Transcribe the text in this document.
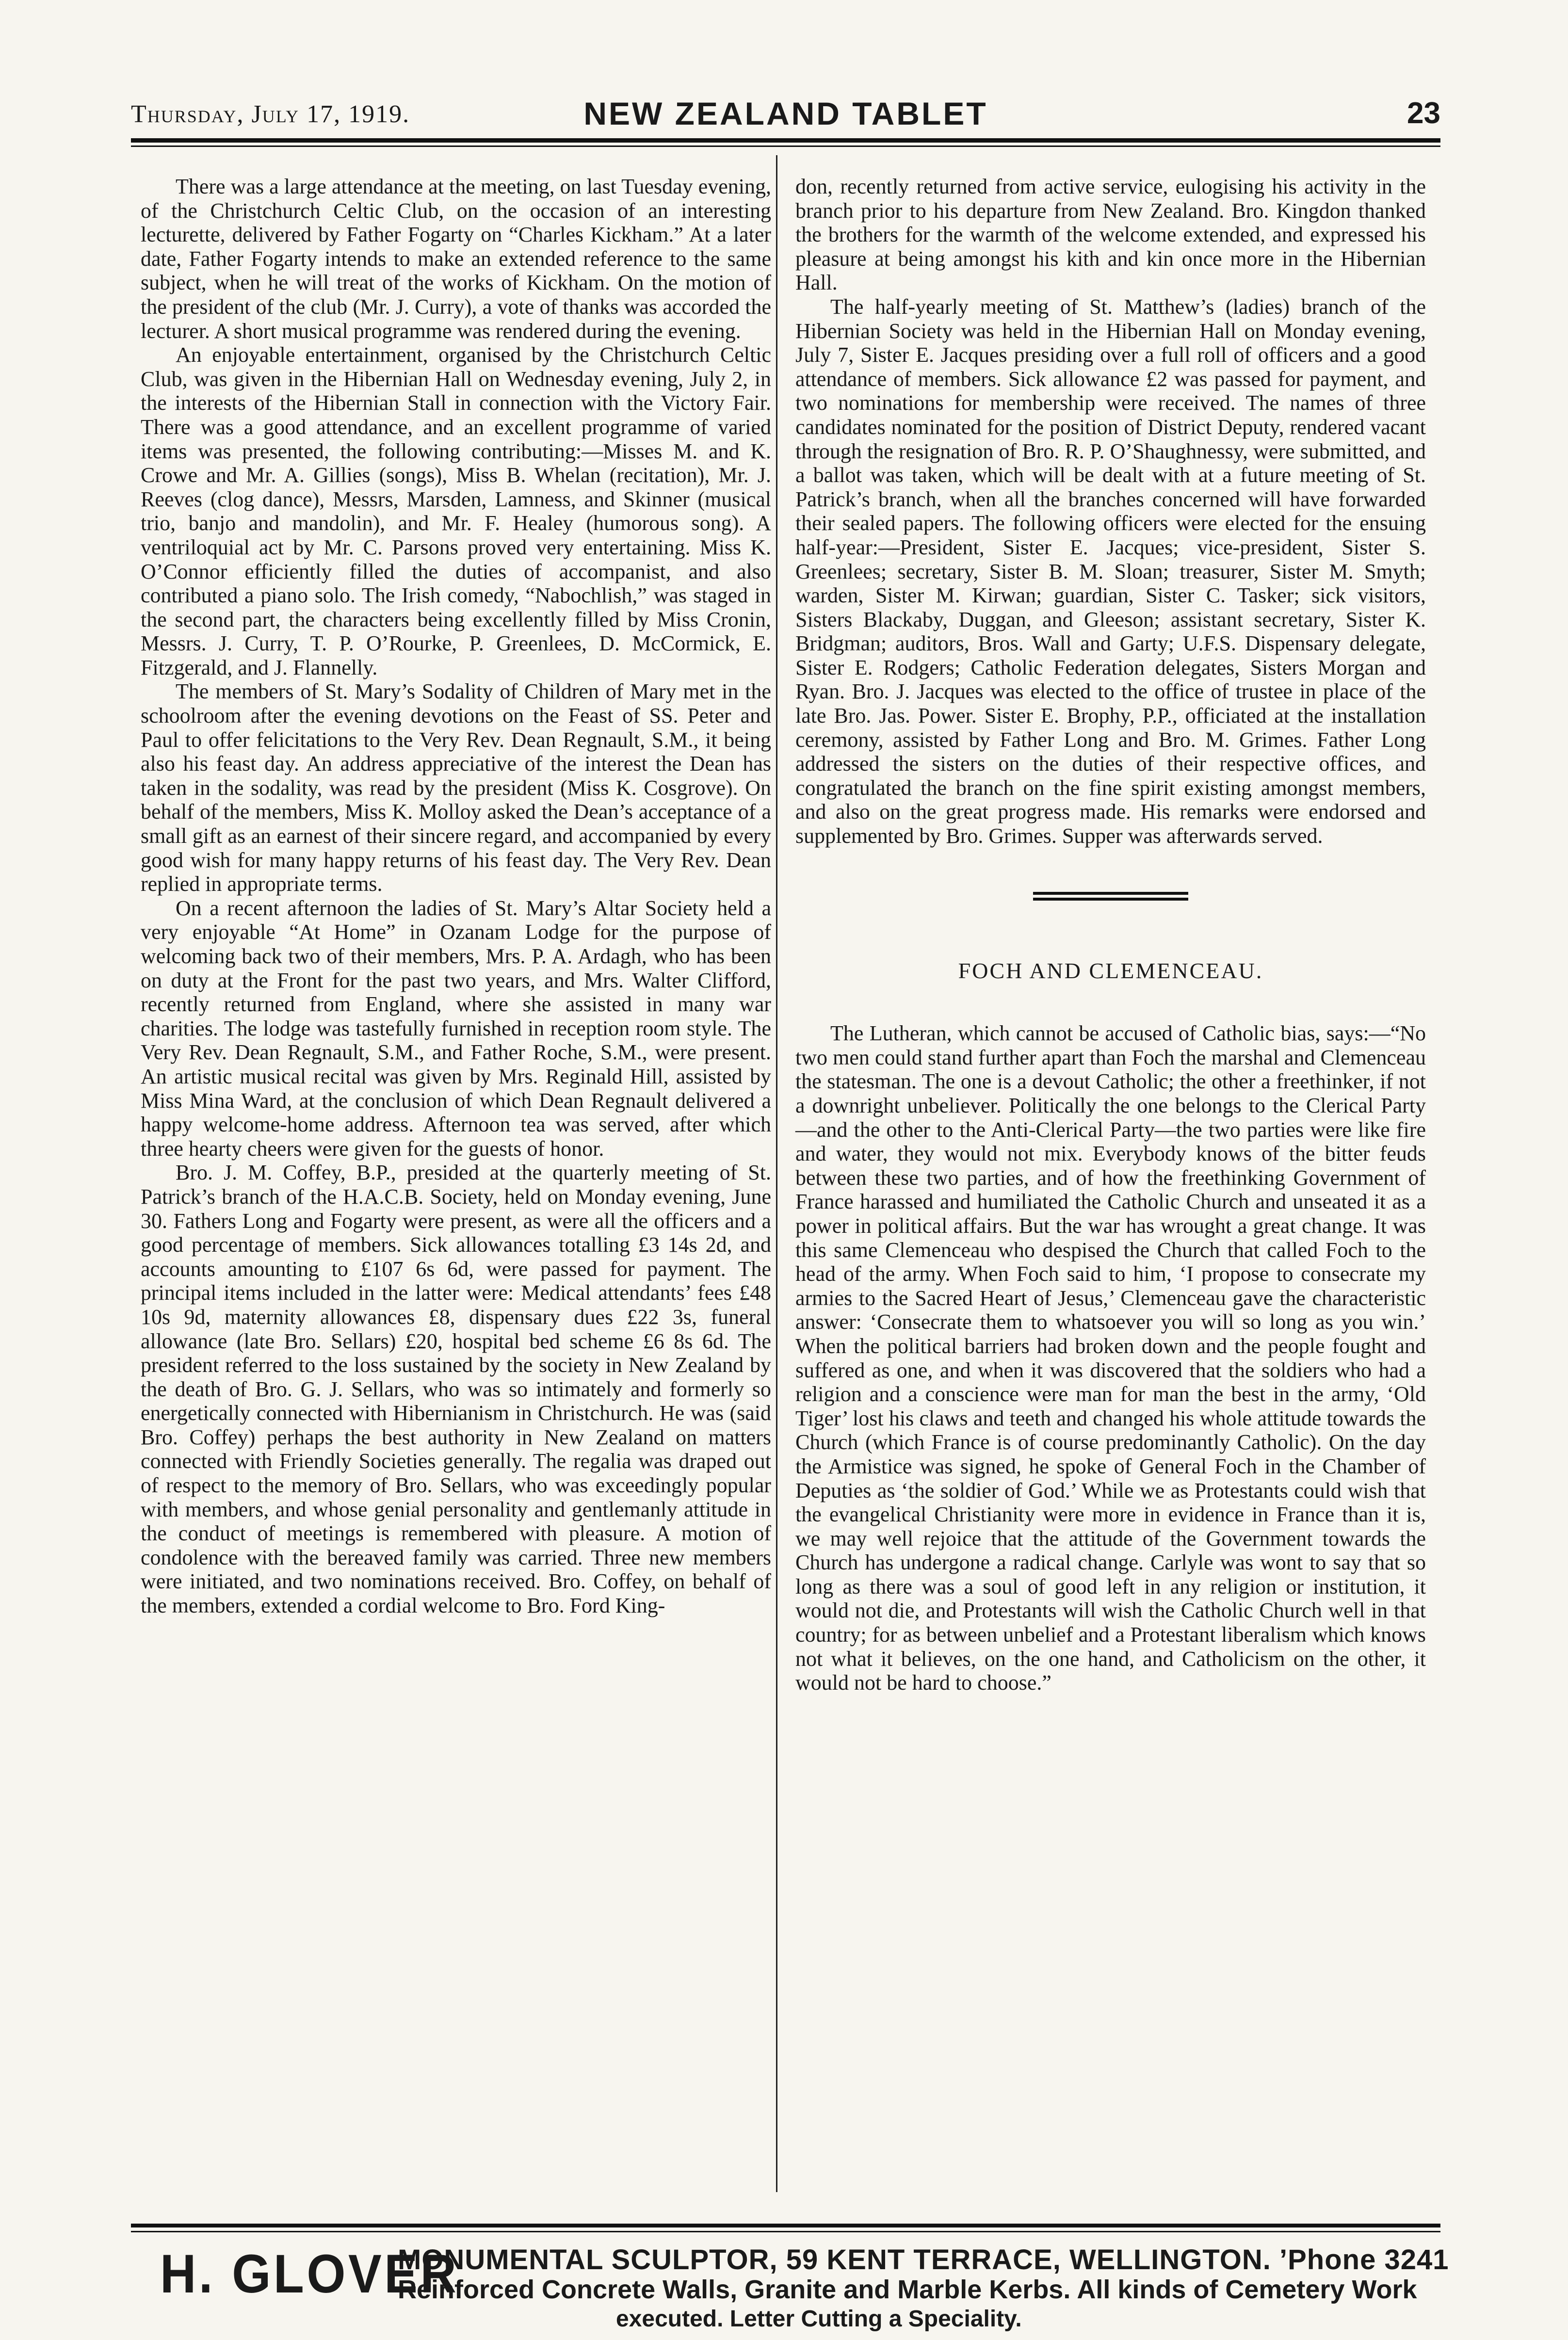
Thursday, July 17, 1919.	NEW ZEALAND TABLET	23

There was a large attendance at the meeting, on last Tuesday evening, of the Christchurch Celtic Club, on the occasion of an interesting lecturette, delivered by Father Fogarty on “Charles Kickham.” At a later date, Father Fogarty intends to make an extended reference to the same subject, when he will treat of the works of Kickham. On the motion of the president of the club (Mr. J. Curry), a vote of thanks was accorded the lecturer. A short musical programme was rendered during the evening.

An enjoyable entertainment, organised by the Christchurch Celtic Club, was given in the Hibernian Hall on Wednesday evening, July 2, in the interests of the Hibernian Stall in connection with the Victory Fair. There was a good attendance, and an excellent programme of varied items was presented, the following contributing:—Misses M. and K. Crowe and Mr. A. Gillies (songs), Miss B. Whelan (recitation), Mr. J. Reeves (clog dance), Messrs, Marsden, Lamness, and Skinner (musical trio, banjo and mandolin), and Mr. F. Healey (humorous song). A ventriloquial act by Mr. C. Parsons proved very entertaining. Miss K. O’Connor efficiently filled the duties of accompanist, and also contributed a piano solo. The Irish comedy, “Nabochlish,” was staged in the second part, the characters being excellently filled by Miss Cronin, Messrs. J. Curry, T. P. O’Rourke, P. Greenlees, D. McCormick, E. Fitzgerald, and J. Flannelly.

The members of St. Mary’s Sodality of Children of Mary met in the schoolroom after the evening devotions on the Feast of SS. Peter and Paul to offer felicitations to the Very Rev. Dean Regnault, S.M., it being also his feast day. An address appreciative of the interest the Dean has taken in the sodality, was read by the president (Miss K. Cosgrove). On behalf of the members, Miss K. Molloy asked the Dean’s acceptance of a small gift as an earnest of their sincere regard, and accompanied by every good wish for many happy returns of his feast day. The Very Rev. Dean replied in appropriate terms.

On a recent afternoon the ladies of St. Mary’s Altar Society held a very enjoyable “At Home” in Ozanam Lodge for the purpose of welcoming back two of their members, Mrs. P. A. Ardagh, who has been on duty at the Front for the past two years, and Mrs. Walter Clifford, recently returned from England, where she assisted in many war charities. The lodge was tastefully furnished in reception room style. The Very Rev. Dean Regnault, S.M., and Father Roche, S.M., were present. An artistic musical recital was given by Mrs. Reginald Hill, assisted by Miss Mina Ward, at the conclusion of which Dean Regnault delivered a happy welcome-home address. Afternoon tea was served, after which three hearty cheers were given for the guests of honor.

Bro. J. M. Coffey, B.P., presided at the quarterly meeting of St. Patrick’s branch of the H.A.C.B. Society, held on Monday evening, June 30. Fathers Long and Fogarty were present, as were all the officers and a good percentage of members. Sick allowances totalling £3 14s 2d, and accounts amounting to £107 6s 6d, were passed for payment. The principal items included in the latter were: Medical attendants’ fees £48 10s 9d, maternity allowances £8, dispensary dues £22 3s, funeral allowance (late Bro. Sellars) £20, hospital bed scheme £6 8s 6d. The president referred to the loss sustained by the society in New Zealand by the death of Bro. G. J. Sellars, who was so intimately and formerly so energetically connected with Hibernianism in Christchurch. He was (said Bro. Coffey) perhaps the best authority in New Zealand on matters connected with Friendly Societies generally. The regalia was draped out of respect to the memory of Bro. Sellars, who was exceedingly popular with members, and whose genial personality and gentlemanly attitude in the conduct of meetings is remembered with pleasure. A motion of condolence with the bereaved family was carried. Three new members were initiated, and two nominations received. Bro. Coffey, on behalf of the members, extended a cordial welcome to Bro. Ford King-

don, recently returned from active service, eulogising his activity in the branch prior to his departure from New Zealand. Bro. Kingdon thanked the brothers for the warmth of the welcome extended, and expressed his pleasure at being amongst his kith and kin once more in the Hibernian Hall.

The half-yearly meeting of St. Matthew’s (ladies) branch of the Hibernian Society was held in the Hibernian Hall on Monday evening, July 7, Sister E. Jacques presiding over a full roll of officers and a good attendance of members. Sick allowance £2 was passed for payment, and two nominations for membership were received. The names of three candidates nominated for the position of District Deputy, rendered vacant through the resignation of Bro. R. P. O’Shaughnessy, were submitted, and a ballot was taken, which will be dealt with at a future meeting of St. Patrick’s branch, when all the branches concerned will have forwarded their sealed papers. The following officers were elected for the ensuing half-year:—President, Sister E. Jacques; vice-president, Sister S. Greenlees; secretary, Sister B. M. Sloan; treasurer, Sister M. Smyth; warden, Sister M. Kirwan; guardian, Sister C. Tasker; sick visitors, Sisters Blackaby, Duggan, and Gleeson; assistant secretary, Sister K. Bridgman; auditors, Bros. Wall and Garty; U.F.S. Dispensary delegate, Sister E. Rodgers; Catholic Federation delegates, Sisters Morgan and Ryan. Bro. J. Jacques was elected to the office of trustee in place of the late Bro. Jas. Power. Sister E. Brophy, P.P., officiated at the installation ceremony, assisted by Father Long and Bro. M. Grimes. Father Long addressed the sisters on the duties of their respective offices, and congratulated the branch on the fine spirit existing amongst members, and also on the great progress made. His remarks were endorsed and supplemented by Bro. Grimes. Supper was afterwards served.

FOCH AND CLEMENCEAU.

The Lutheran, which cannot be accused of Catholic bias, says:—“No two men could stand further apart than Foch the marshal and Clemenceau the statesman. The one is a devout Catholic; the other a freethinker, if not a downright unbeliever. Politically the one belongs to the Clerical Party—and the other to the Anti-Clerical Party—the two parties were like fire and water, they would not mix. Everybody knows of the bitter feuds between these two parties, and of how the freethinking Government of France harassed and humiliated the Catholic Church and unseated it as a power in political affairs. But the war has wrought a great change. It was this same Clemenceau who despised the Church that called Foch to the head of the army. When Foch said to him, ‘I propose to consecrate my armies to the Sacred Heart of Jesus,’ Clemenceau gave the characteristic answer: ‘Consecrate them to whatsoever you will so long as you win.’ When the political barriers had broken down and the people fought and suffered as one, and when it was discovered that the soldiers who had a religion and a conscience were man for man the best in the army, ‘Old Tiger’ lost his claws and teeth and changed his whole attitude towards the Church (which France is of course predominantly Catholic). On the day the Armistice was signed, he spoke of General Foch in the Chamber of Deputies as ‘the soldier of God.’ While we as Protestants could wish that the evangelical Christianity were more in evidence in France than it is, we may well rejoice that the attitude of the Government towards the Church has undergone a radical change. Carlyle was wont to say that so long as there was a soul of good left in any religion or institution, it would not die, and Protestants will wish the Catholic Church well in that country; for as between unbelief and a Protestant liberalism which knows not what it believes, on the one hand, and Catholicism on the other, it would not be hard to choose.”

H. GLOVER
MONUMENTAL SCULPTOR, 59 KENT TERRACE, WELLINGTON. ’Phone 3241
Reinforced Concrete Walls, Granite and Marble Kerbs. All kinds of Cemetery Work
executed. Letter Cutting a Speciality.
